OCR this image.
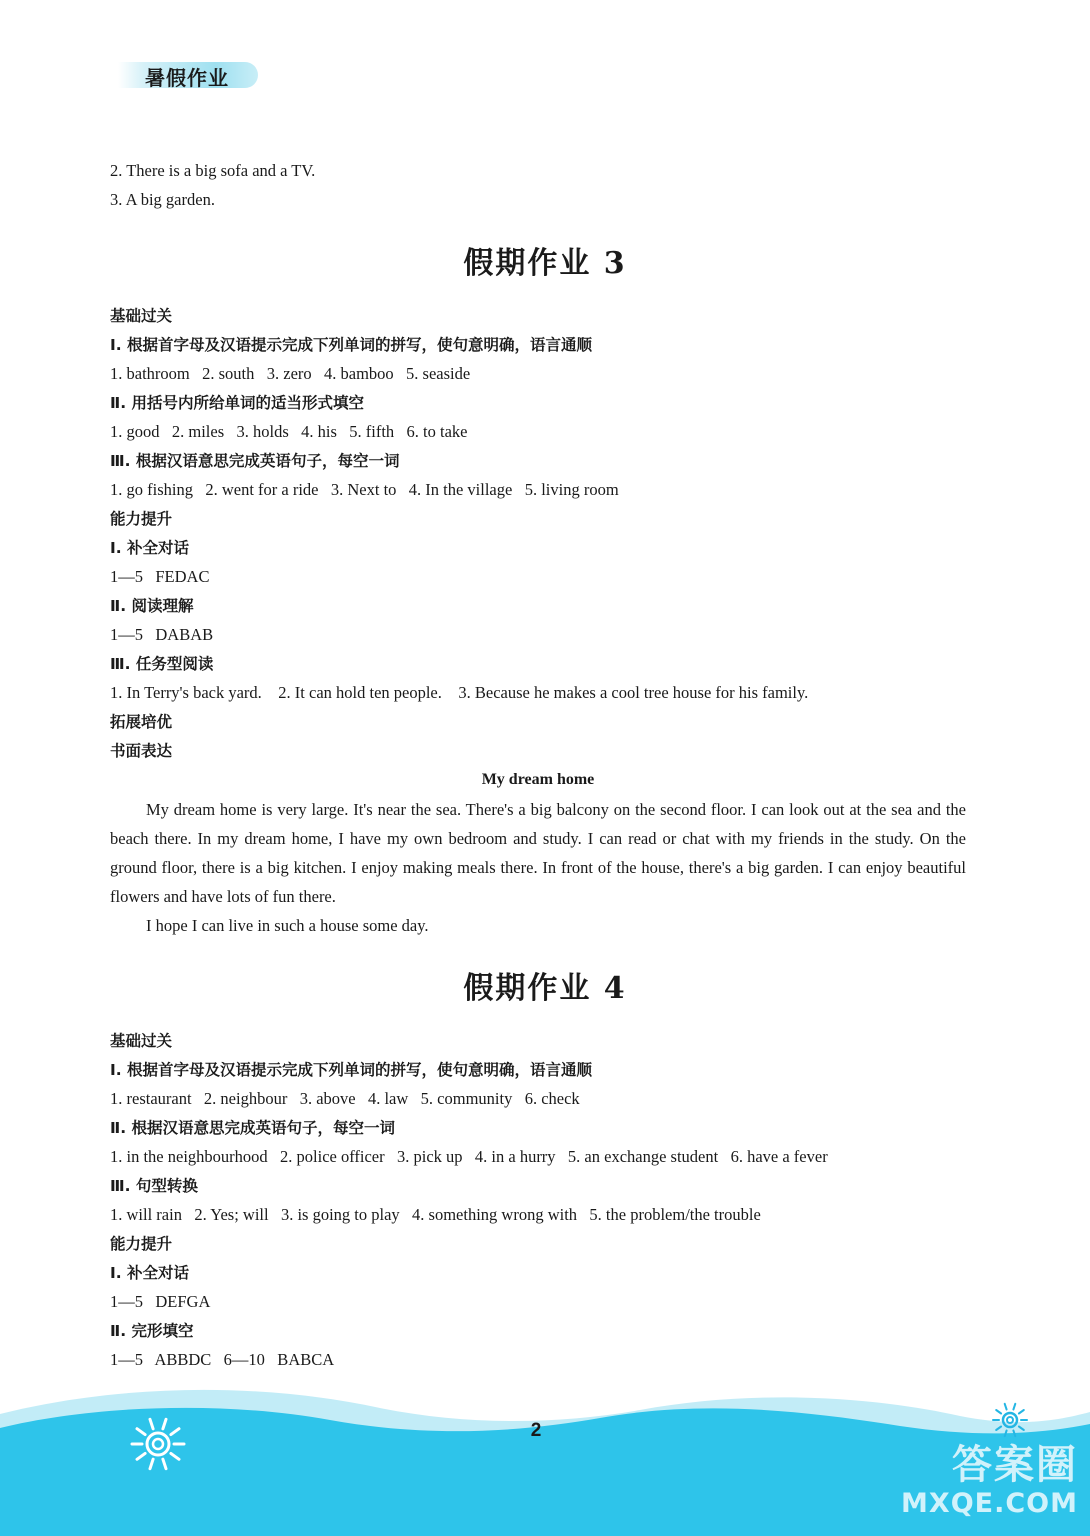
暑假作业
2. There is a big sofa and a TV.
3. A big garden.
假期作业 3
基础过关
Ⅰ. 根据首字母及汉语提示完成下列单词的拼写，使句意明确，语言通顺
1. bathroom   2. south   3. zero   4. bamboo   5. seaside
Ⅱ. 用括号内所给单词的适当形式填空
1. good   2. miles   3. holds   4. his   5. fifth   6. to take
Ⅲ. 根据汉语意思完成英语句子，每空一词
1. go fishing   2. went for a ride   3. Next to   4. In the village   5. living room
能力提升
Ⅰ. 补全对话
1—5   FEDAC
Ⅱ. 阅读理解
1—5   DABAB
Ⅲ. 任务型阅读
1. In Terry's back yard.    2. It can hold ten people.    3. Because he makes a cool tree house for his family.
拓展培优
书面表达
My dream home

My dream home is very large. It's near the sea. There's a big balcony on the second floor. I can look out at the sea and the beach there. In my dream home, I have my own bedroom and study. I can read or chat with my friends in the study. On the ground floor, there is a big kitchen. I enjoy making meals there. In front of the house, there's a big garden. I can enjoy beautiful flowers and have lots of fun there.

I hope I can live in such a house some day.

假期作业 4
基础过关
Ⅰ. 根据首字母及汉语提示完成下列单词的拼写，使句意明确，语言通顺
1. restaurant   2. neighbour   3. above   4. law   5. community   6. check
Ⅱ. 根据汉语意思完成英语句子，每空一词
1. in the neighbourhood   2. police officer   3. pick up   4. in a hurry   5. an exchange student   6. have a fever
Ⅲ. 句型转换
1. will rain   2. Yes; will   3. is going to play   4. something wrong with   5. the problem/the trouble
能力提升
Ⅰ. 补全对话
1—5   DEFGA
Ⅱ. 完形填空
1—5   ABBDC   6—10   BABCA
2
答案圈
MXQE.COM
